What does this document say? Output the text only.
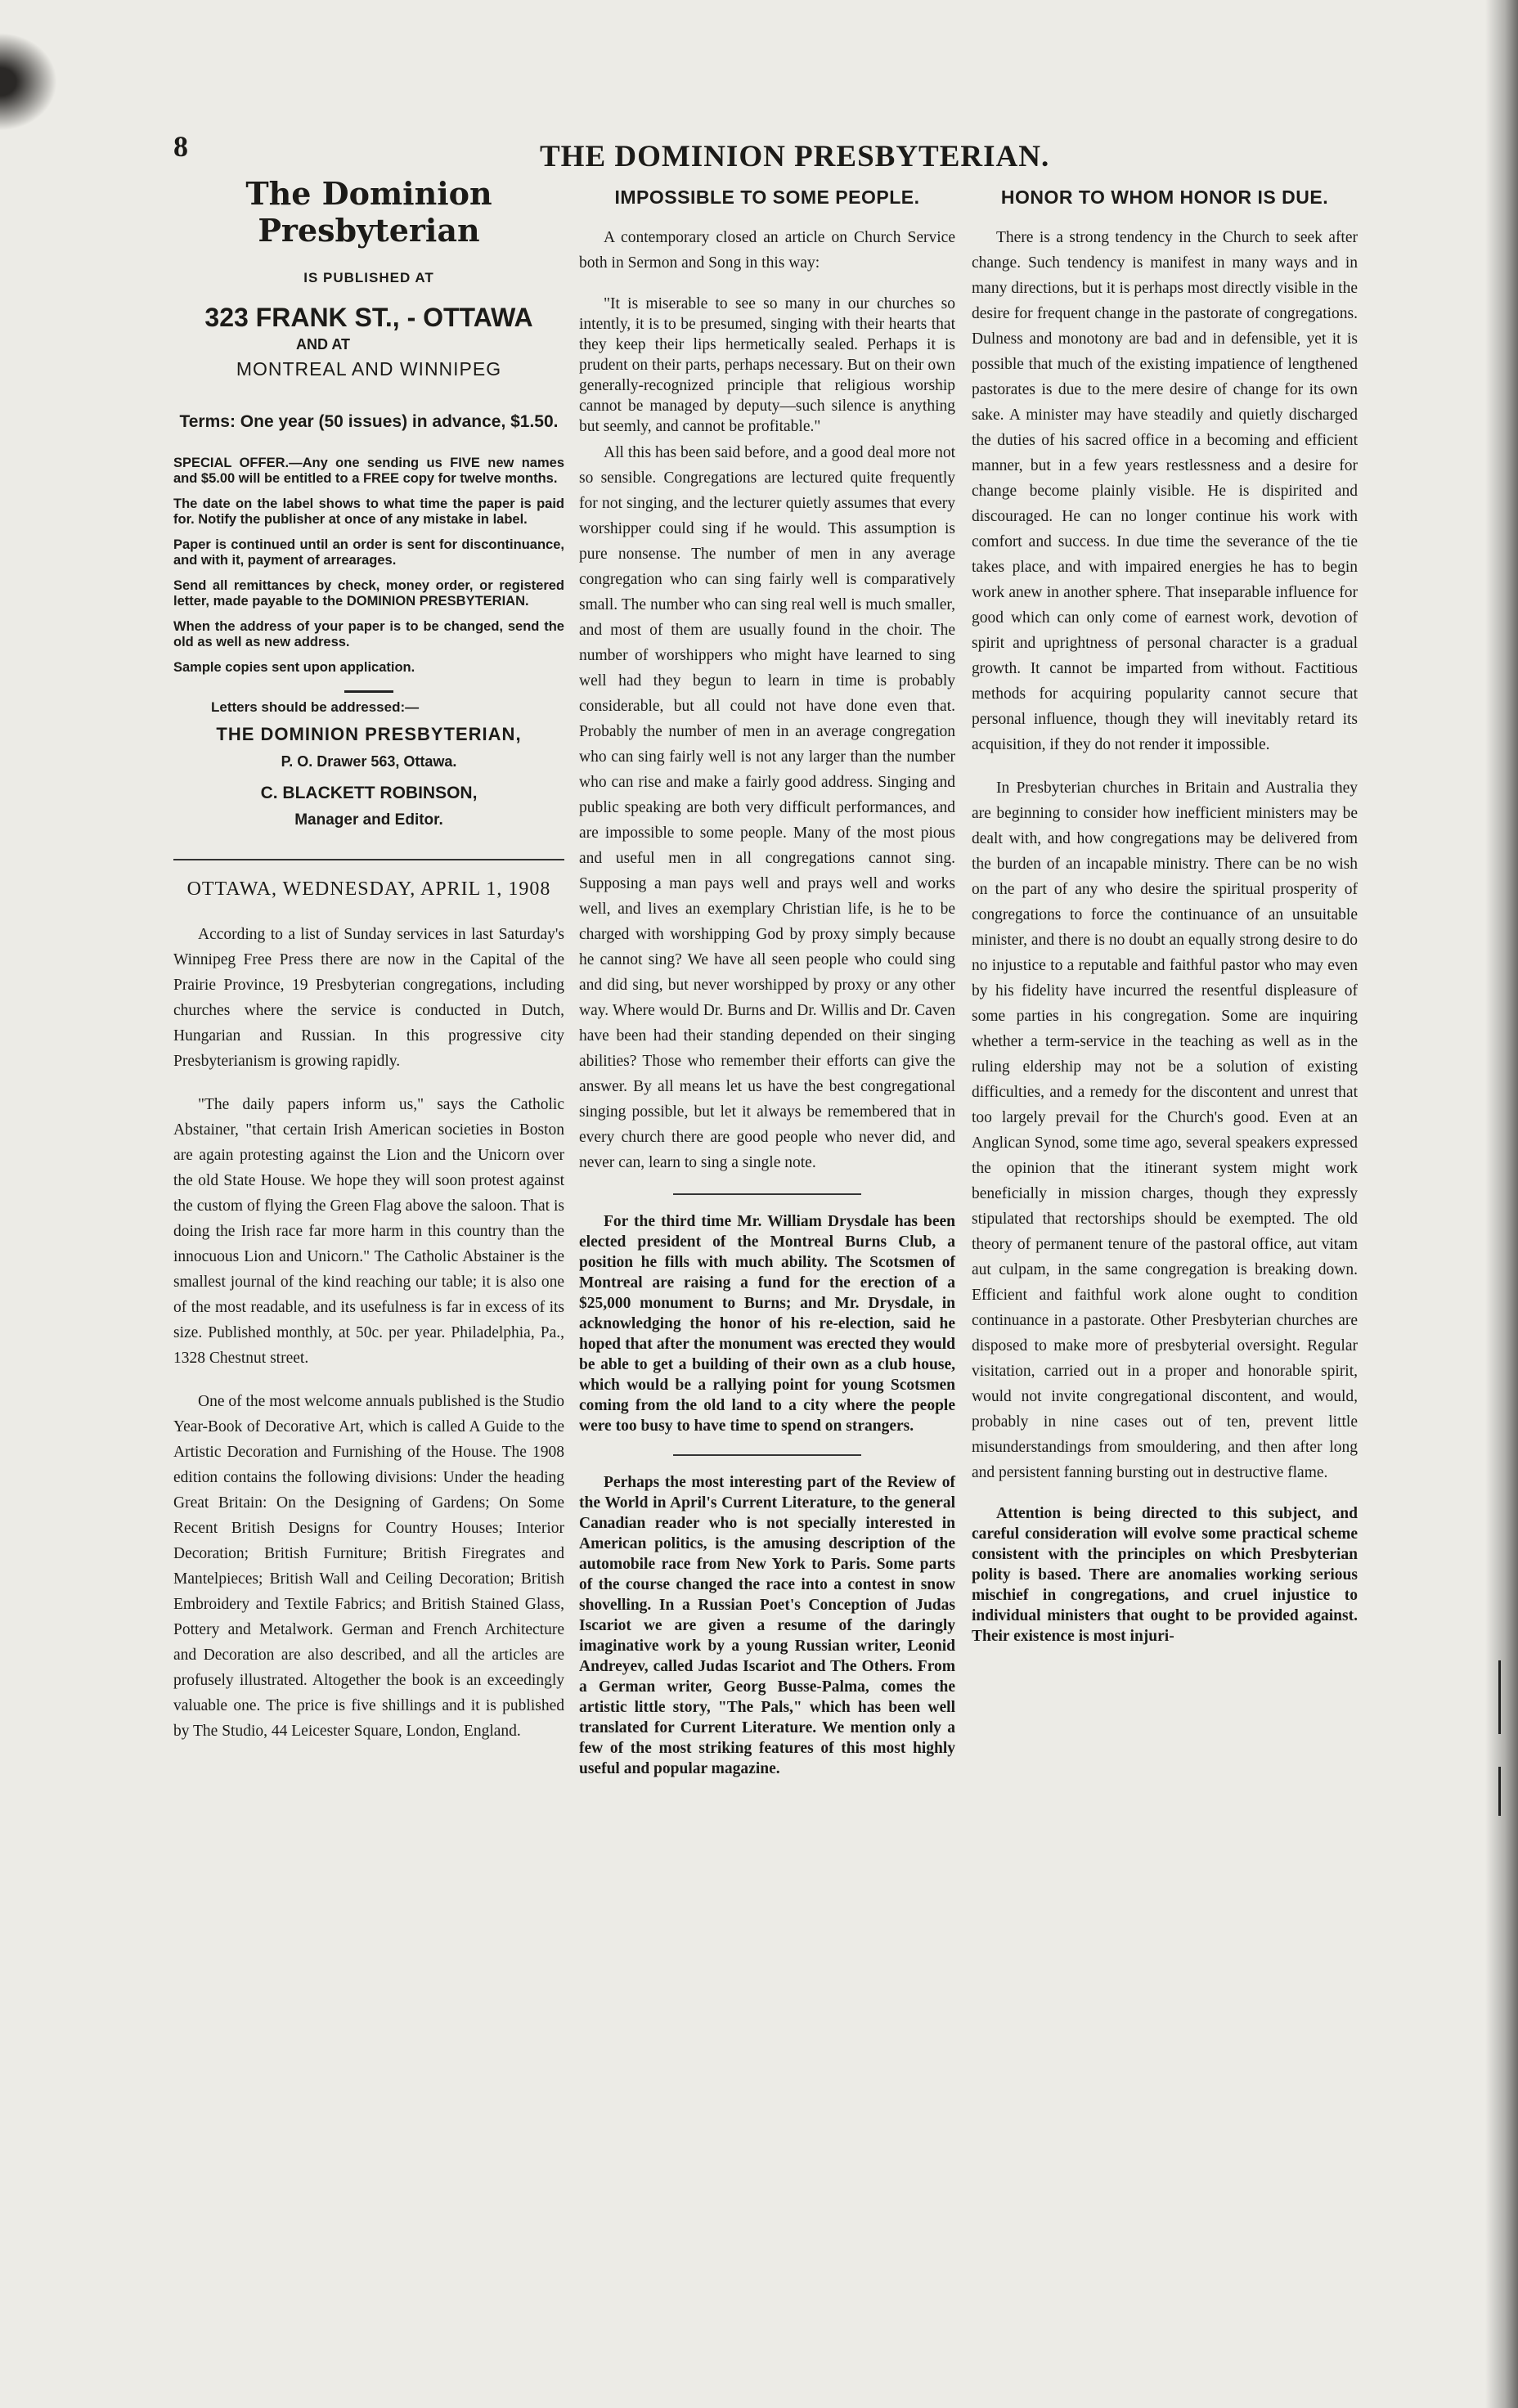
8	THE DOMINION PRESBYTERIAN.
The Dominion Presbyterian
IS PUBLISHED AT
323 FRANK ST., - OTTAWA
AND AT
MONTREAL AND WINNIPEG
Terms: One year (50 issues) in advance, $1.50.

SPECIAL OFFER.—Any one sending us FIVE new names and $5.00 will be entitled to a FREE copy for twelve months.

The date on the label shows to what time the paper is paid for. Notify the publisher at once of any mistake in label.

Paper is continued until an order is sent for discontinuance, and with it, payment of arrearages.

Send all remittances by check, money order, or registered letter, made payable to the DOMINION PRESBYTERIAN.

When the address of your paper is to be changed, send the old as well as new address.

Sample copies sent upon application.

Letters should be addressed:—
THE DOMINION PRESBYTERIAN,
P. O. Drawer 563, Ottawa.
C. BLACKETT ROBINSON,
Manager and Editor.
OTTAWA, WEDNESDAY, APRIL 1, 1908

According to a list of Sunday services in last Saturday's Winnipeg Free Press there are now in the Capital of the Prairie Province, 19 Presbyterian congregations, including churches where the service is conducted in Dutch, Hungarian and Russian. In this progressive city Presbyterianism is growing rapidly.

"The daily papers inform us," says the Catholic Abstainer, "that certain Irish American societies in Boston are again protesting against the Lion and the Unicorn over the old State House. We hope they will soon protest against the custom of flying the Green Flag above the saloon. That is doing the Irish race far more harm in this country than the innocuous Lion and Unicorn." The Catholic Abstainer is the smallest journal of the kind reaching our table; it is also one of the most readable, and its usefulness is far in excess of its size. Published monthly, at 50c. per year. Philadelphia, Pa., 1328 Chestnut street.

One of the most welcome annuals published is the Studio Year-Book of Decorative Art, which is called A Guide to the Artistic Decoration and Furnishing of the House. The 1908 edition contains the following divisions: Under the heading Great Britain: On the Designing of Gardens; On Some Recent British Designs for Country Houses; Interior Decoration; British Furniture; British Firegrates and Mantelpieces; British Wall and Ceiling Decoration; British Embroidery and Textile Fabrics; and British Stained Glass, Pottery and Metalwork. German and French Architecture and Decoration are also described, and all the articles are profusely illustrated. Altogether the book is an exceedingly valuable one. The price is five shillings and it is published by The Studio, 44 Leicester Square, London, England.

IMPOSSIBLE TO SOME PEOPLE.

A contemporary closed an article on Church Service both in Sermon and Song in this way:

"It is miserable to see so many in our churches so intently, it is to be presumed, singing with their hearts that they keep their lips hermetically sealed. Perhaps it is prudent on their parts, perhaps necessary. But on their own generally-recognized principle that religious worship cannot be managed by deputy—such silence is anything but seemly, and cannot be profitable."

All this has been said before, and a good deal more not so sensible. Congregations are lectured quite frequently for not singing, and the lecturer quietly assumes that every worshipper could sing if he would. This assumption is pure nonsense. The number of men in any average congregation who can sing fairly well is comparatively small. The number who can sing real well is much smaller, and most of them are usually found in the choir. The number of worshippers who might have learned to sing well had they begun to learn in time is probably considerable, but all could not have done even that. Probably the number of men in an average congregation who can sing fairly well is not any larger than the number who can rise and make a fairly good address. Singing and public speaking are both very difficult performances, and are impossible to some people. Many of the most pious and useful men in all congregations cannot sing. Supposing a man pays well and prays well and works well, and lives an exemplary Christian life, is he to be charged with worshipping God by proxy simply because he cannot sing? We have all seen people who could sing and did sing, but never worshipped by proxy or any other way. Where would Dr. Burns and Dr. Willis and Dr. Caven have been had their standing depended on their singing abilities? Those who remember their efforts can give the answer. By all means let us have the best congregational singing possible, but let it always be remembered that in every church there are good people who never did, and never can, learn to sing a single note.

For the third time Mr. William Drysdale has been elected president of the Montreal Burns Club, a position he fills with much ability. The Scotsmen of Montreal are raising a fund for the erection of a $25,000 monument to Burns; and Mr. Drysdale, in acknowledging the honor of his re-election, said he hoped that after the monument was erected they would be able to get a building of their own as a club house, which would be a rallying point for young Scotsmen coming from the old land to a city where the people were too busy to have time to spend on strangers.

Perhaps the most interesting part of the Review of the World in April's Current Literature, to the general Canadian reader who is not specially interested in American politics, is the amusing description of the automobile race from New York to Paris. Some parts of the course changed the race into a contest in snow shovelling. In a Russian Poet's Conception of Judas Iscariot we are given a resume of the daringly imaginative work by a young Russian writer, Leonid Andreyev, called Judas Iscariot and The Others. From a German writer, Georg Busse-Palma, comes the artistic little story, "The Pals," which has been well translated for Current Literature. We mention only a few of the most striking features of this most highly useful and popular magazine.

HONOR TO WHOM HONOR IS DUE.

There is a strong tendency in the Church to seek after change. Such tendency is manifest in many ways and in many directions, but it is perhaps most directly visible in the desire for frequent change in the pastorate of congregations. Dulness and monotony are bad and in defensible, yet it is possible that much of the existing impatience of lengthened pastorates is due to the mere desire of change for its own sake. A minister may have steadily and quietly discharged the duties of his sacred office in a becoming and efficient manner, but in a few years restlessness and a desire for change become plainly visible. He is dispirited and discouraged. He can no longer continue his work with comfort and success. In due time the severance of the tie takes place, and with impaired energies he has to begin work anew in another sphere. That inseparable influence for good which can only come of earnest work, devotion of spirit and uprightness of personal character is a gradual growth. It cannot be imparted from without. Factitious methods for acquiring popularity cannot secure that personal influence, though they will inevitably retard its acquisition, if they do not render it impossible.

In Presbyterian churches in Britain and Australia they are beginning to consider how inefficient ministers may be dealt with, and how congregations may be delivered from the burden of an incapable ministry. There can be no wish on the part of any who desire the spiritual prosperity of congregations to force the continuance of an unsuitable minister, and there is no doubt an equally strong desire to do no injustice to a reputable and faithful pastor who may even by his fidelity have incurred the resentful displeasure of some parties in his congregation. Some are inquiring whether a term-service in the teaching as well as in the ruling eldership may not be a solution of existing difficulties, and a remedy for the discontent and unrest that too largely prevail for the Church's good. Even at an Anglican Synod, some time ago, several speakers expressed the opinion that the itinerant system might work beneficially in mission charges, though they expressly stipulated that rectorships should be exempted. The old theory of permanent tenure of the pastoral office, aut vitam aut culpam, in the same congregation is breaking down. Efficient and faithful work alone ought to condition continuance in a pastorate. Other Presbyterian churches are disposed to make more of presbyterial oversight. Regular visitation, carried out in a proper and honorable spirit, would not invite congregational discontent, and would, probably in nine cases out of ten, prevent little misunderstandings from smouldering, and then after long and persistent fanning bursting out in destructive flame.

Attention is being directed to this subject, and careful consideration will evolve some practical scheme consistent with the principles on which Presbyterian polity is based. There are anomalies working serious mischief in congregations, and cruel injustice to individual ministers that ought to be provided against. Their existence is most injuri-
